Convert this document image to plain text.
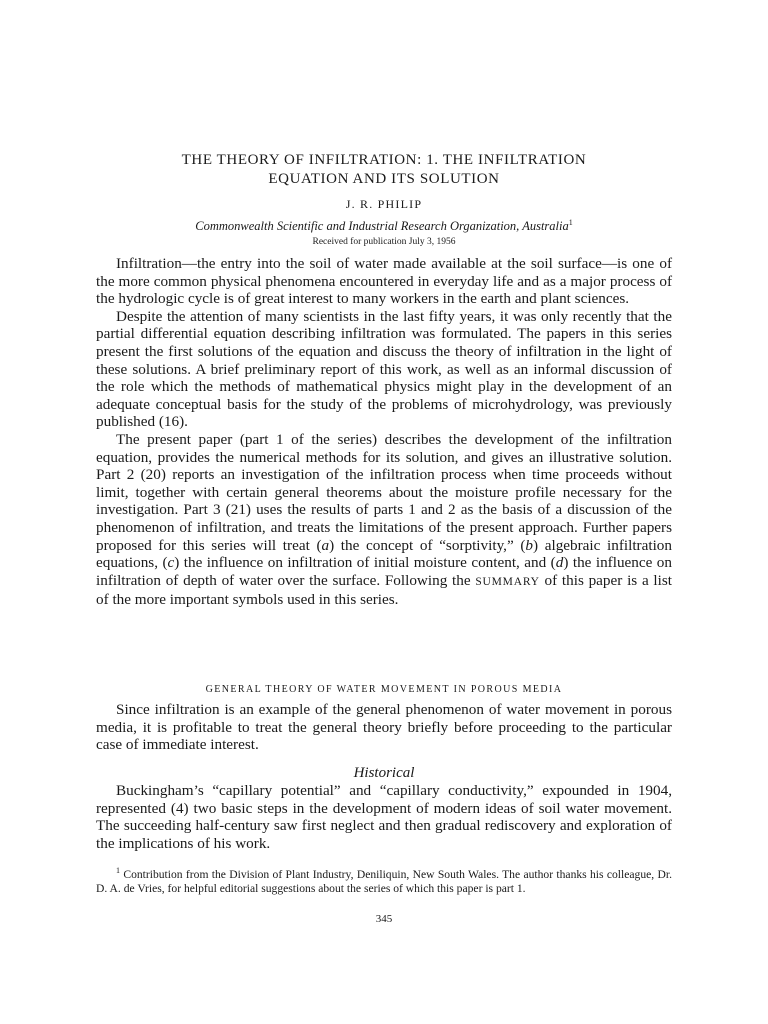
THE THEORY OF INFILTRATION: 1. THE INFILTRATION
EQUATION AND ITS SOLUTION
J. R. PHILIP
Commonwealth Scientific and Industrial Research Organization, Australia$^1$
Received for publication July 3, 1956

Infiltration—the entry into the soil of water made available at the soil surface—is one of the more common physical phenomena encountered in everyday life and as a major process of the hydrologic cycle is of great interest to many workers in the earth and plant sciences.

Despite the attention of many scientists in the last fifty years, it was only recently that the partial differential equation describing infiltration was formulated. The papers in this series present the first solutions of the equation and discuss the theory of infiltration in the light of these solutions. A brief preliminary report of this work, as well as an informal discussion of the role which the methods of mathematical physics might play in the development of an adequate conceptual basis for the study of the problems of microhydrology, was previously published (16).

The present paper (part 1 of the series) describes the development of the infiltration equation, provides the numerical methods for its solution, and gives an illustrative solution. Part 2 (20) reports an investigation of the infiltration process when time proceeds without limit, together with certain general theorems about the moisture profile necessary for the investigation. Part 3 (21) uses the results of parts 1 and 2 as the basis of a discussion of the phenomenon of infiltration, and treats the limitations of the present approach. Further papers proposed for this series will treat (a) the concept of “sorptivity,” (b) algebraic infiltration equations, (c) the influence on infiltration of initial moisture content, and (d) the influence on infiltration of depth of water over the surface. Following the SUMMARY of this paper is a list of the more important symbols used in this series.

GENERAL THEORY OF WATER MOVEMENT IN POROUS MEDIA

Since infiltration is an example of the general phenomenon of water movement in porous media, it is profitable to treat the general theory briefly before proceeding to the particular case of immediate interest.

Historical

Buckingham’s “capillary potential” and “capillary conductivity,” expounded in 1904, represented (4) two basic steps in the development of modern ideas of soil water movement. The succeeding half-century saw first neglect and then gradual rediscovery and exploration of the implications of his work.

$^1$ Contribution from the Division of Plant Industry, Deniliquin, New South Wales. The author thanks his colleague, Dr. D. A. de Vries, for helpful editorial suggestions about the series of which this paper is part 1.

345
